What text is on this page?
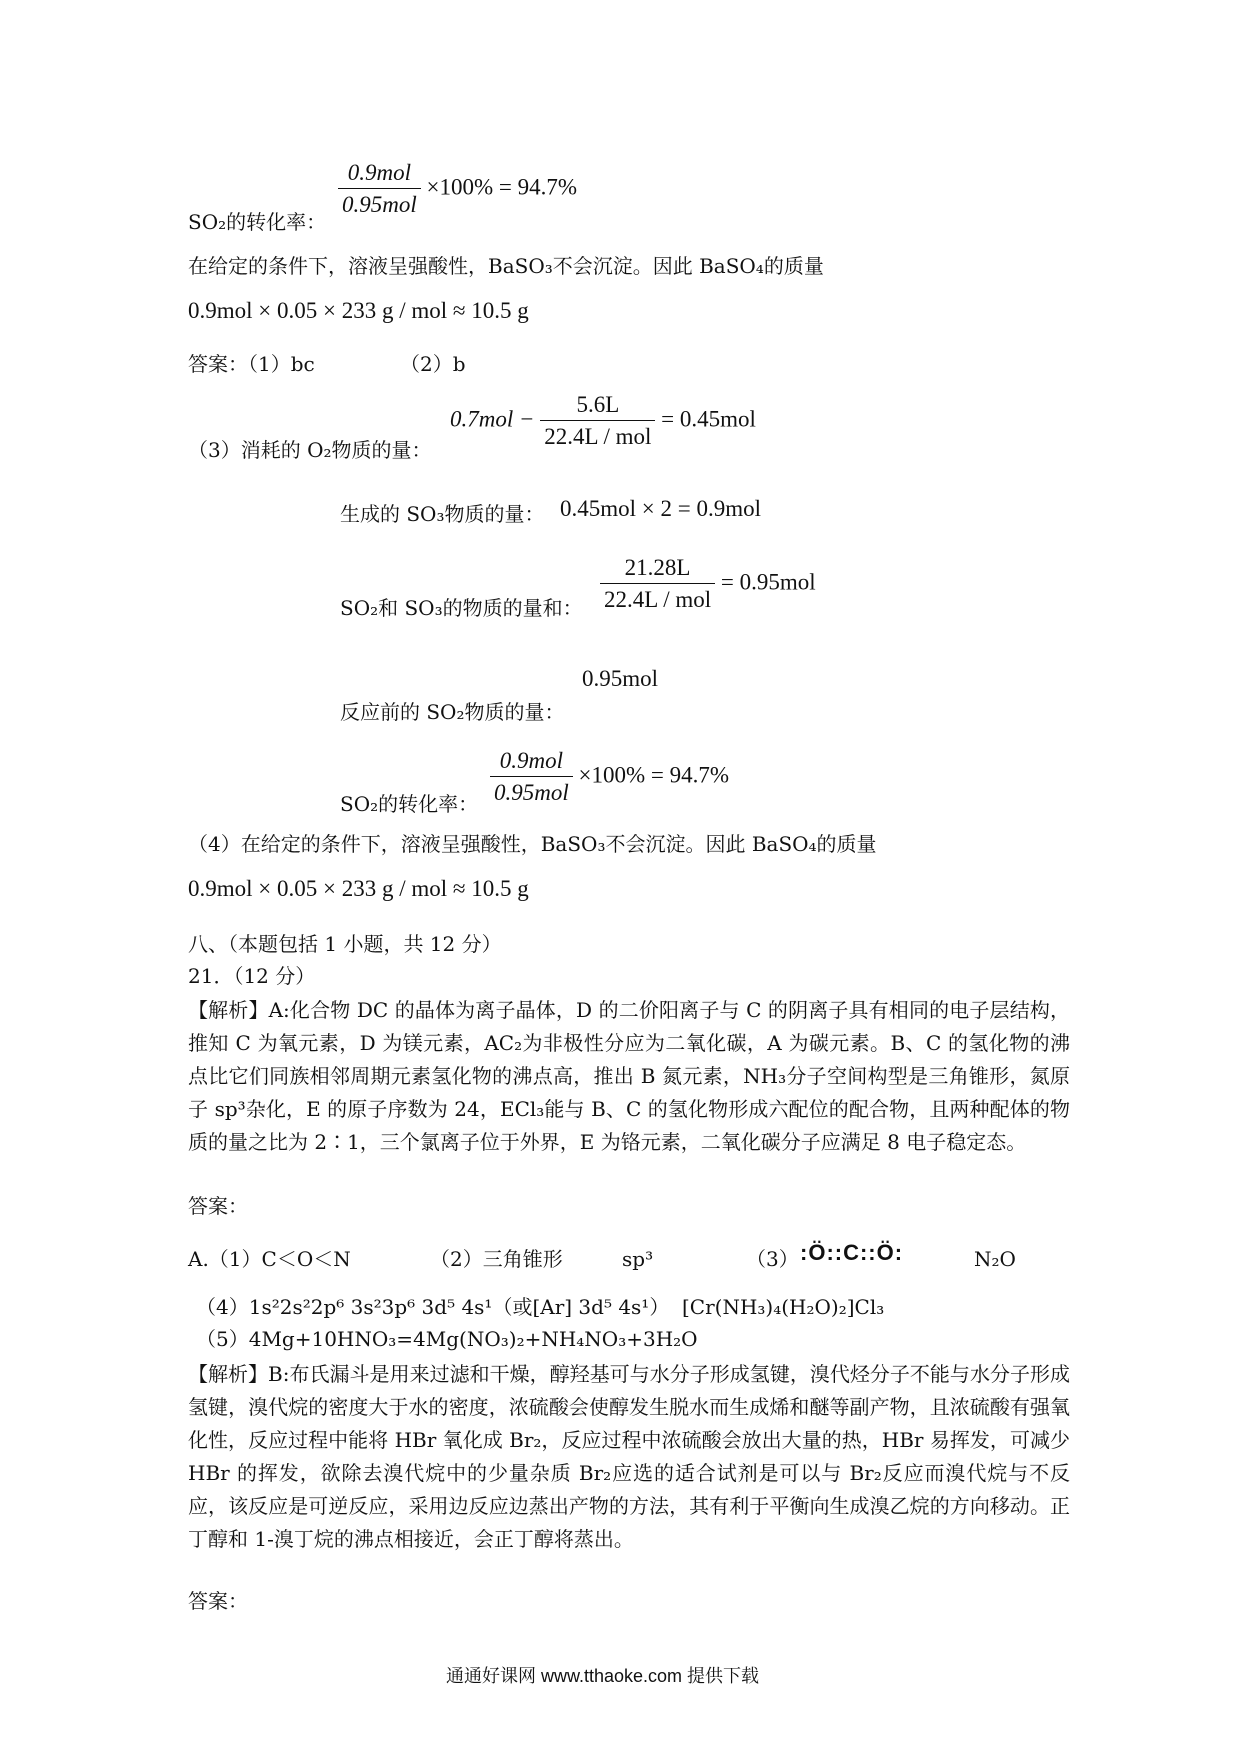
SO₂的转化率：
$\frac{\text{0.9mol}}{\text{0.95mol}} \times 100\% = 94.7\%$
在给定的条件下，溶液呈强酸性，BaSO₃不会沉淀。因此 BaSO₄的质量
0.9mol × 0.05 × 233 g / mol ≈ 10.5 g
答案：（1）bc	（2）b
（3）消耗的 O₂物质的量：
$0.7mol - \frac{5.6L}{\text{22.4L / mol}} = 0.45mol$
生成的 SO₃物质的量： 0.45mol × 2 = 0.9mol
SO₂和 SO₃的物质的量和： $\frac{21.28L}{\text{22.4L / mol}} = 0.95mol$
0.95mol
反应前的 SO₂物质的量：
SO₂的转化率： $\frac{\text{0.9mol}}{\text{0.95mol}} \times 100\% = 94.7\%$
（4）在给定的条件下，溶液呈强酸性，BaSO₃不会沉淀。因此 BaSO₄的质量
0.9mol × 0.05 × 233 g / mol ≈ 10.5 g
八、（本题包括 1 小题，共 12 分）
21．（12 分）
【解析】A:化合物 DC 的晶体为离子晶体，D 的二价阳离子与 C 的阴离子具有相同的电子层结构，推知 C 为氧元素，D 为镁元素，AC₂为非极性分应为二氧化碳，A 为碳元素。B、C 的氢化物的沸点比它们同族相邻周期元素氢化物的沸点高，推出 B 氮元素，NH₃分子空间构型是三角锥形，氮原子 sp³杂化，E 的原子序数为 24，ECl₃能与 B、C 的氢化物形成六配位的配合物，且两种配体的物质的量之比为 2∶1，三个氯离子位于外界，E 为铬元素，二氧化碳分子应满足 8 电子稳定态。
答案：
A.（1）C＜O＜N	（2）三角锥形	sp³	（3） :Ö::C::Ö:	N₂O
（4）1s²2s²2p⁶ 3s²3p⁶ 3d⁵ 4s¹（或[Ar] 3d⁵ 4s¹） [Cr(NH₃)₄(H₂O)₂]Cl₃
（5）4Mg+10HNO₃=4Mg(NO₃)₂+NH₄NO₃+3H₂O
【解析】B:布氏漏斗是用来过滤和干燥，醇羟基可与水分子形成氢键，溴代烃分子不能与水分子形成氢键，溴代烷的密度大于水的密度，浓硫酸会使醇发生脱水而生成烯和醚等副产物，且浓硫酸有强氧化性，反应过程中能将 HBr 氧化成 Br₂，反应过程中浓硫酸会放出大量的热，HBr 易挥发，可减少 HBr 的挥发，欲除去溴代烷中的少量杂质 Br₂应选的适合试剂是可以与 Br₂反应而溴代烷与不反应，该反应是可逆反应，采用边反应边蒸出产物的方法，其有利于平衡向生成溴乙烷的方向移动。正丁醇和 1-溴丁烷的沸点相接近，会正丁醇将蒸出。
答案：
通通好课网 www.tthaoke.com 提供下载
